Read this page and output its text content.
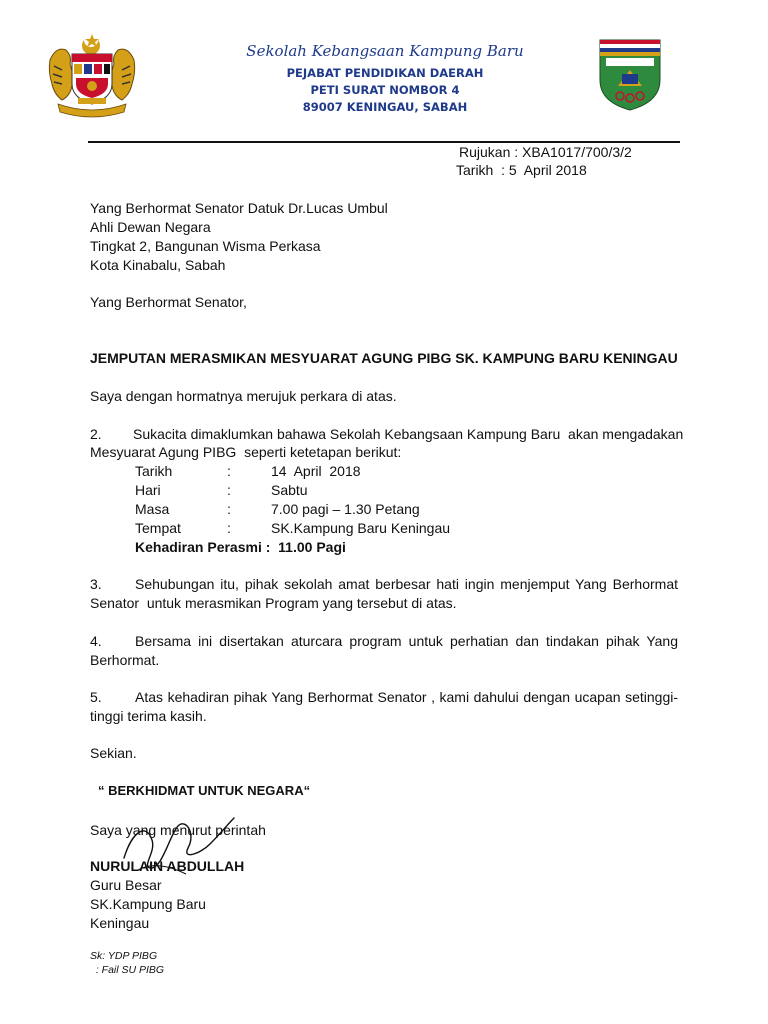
Sekolah Kebangsaan Kampung Baru
PEJABAT PENDIDIKAN DAERAH
PETI SURAT NOMBOR 4
89007 KENINGAU, SABAH
Rujukan : XBA1017/700/3/2
Tarikh  : 5  April 2018
Yang Berhormat Senator Datuk Dr.Lucas Umbul
Ahli Dewan Negara
Tingkat 2, Bangunan Wisma Perkasa
Kota Kinabalu, Sabah
Yang Berhormat Senator,
JEMPUTAN MERASMIKAN MESYUARAT AGUNG PIBG SK. KAMPUNG BARU KENINGAU
Saya dengan hormatnya merujuk perkara di atas.
2. Sukacita dimaklumkan bahawa Sekolah Kebangsaan Kampung Baru  akan mengadakan
Mesyuarat Agung PIBG  seperti ketetapan berikut:
Tarikh	:	14  April  2018
Hari	:	Sabtu
Masa	:	7.00 pagi – 1.30 Petang
Tempat	:	SK.Kampung Baru Keningau
Kehadiran Perasmi :  11.00 Pagi
3. Sehubungan itu, pihak sekolah amat berbesar hati ingin menjemput Yang Berhormat
Senator  untuk merasmikan Program yang tersebut di atas.
4. Bersama ini disertakan aturcara program untuk perhatian dan tindakan pihak Yang
Berhormat.
5. Atas kehadiran pihak Yang Berhormat Senator , kami dahului dengan ucapan setinggi-
tinggi terima kasih.
Sekian.
“ BERKHIDMAT UNTUK NEGARA“
Saya yang menurut perintah
NURULAIN ABDULLAH
Guru Besar
SK.Kampung Baru
Keningau
Sk: YDP PIBG
: Fail SU PIBG
